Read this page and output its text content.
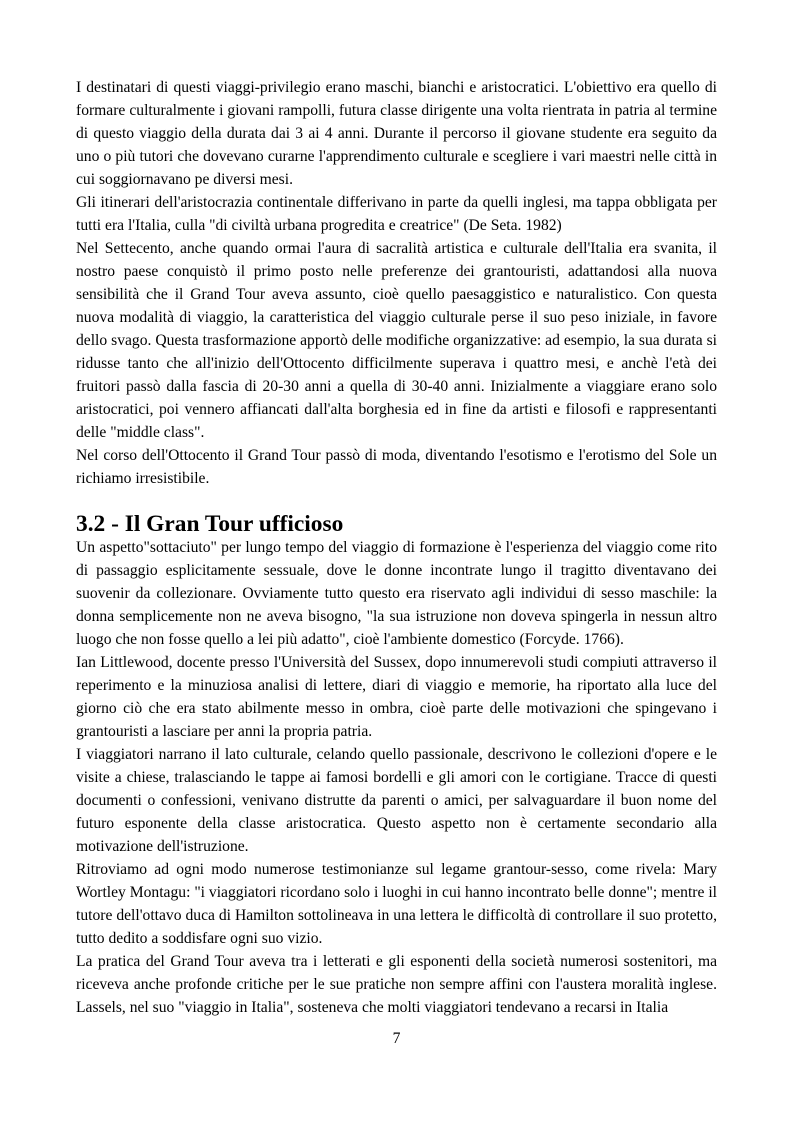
I destinatari di questi viaggi-privilegio erano maschi, bianchi e aristocratici. L'obiettivo era quello di formare culturalmente i giovani rampolli, futura classe dirigente una volta rientrata in patria al termine di questo viaggio della durata dai 3 ai 4 anni. Durante il percorso il giovane studente era seguito da uno o più tutori che dovevano curarne l'apprendimento culturale e scegliere i vari maestri nelle città in cui soggiornavano pe diversi mesi.

Gli itinerari dell'aristocrazia continentale differivano in parte da quelli inglesi, ma tappa obbligata per tutti era l'Italia, culla "di civiltà urbana progredita e creatrice" (De Seta. 1982)

Nel Settecento, anche quando ormai l'aura di sacralità artistica e culturale dell'Italia era svanita, il nostro paese conquistò il primo posto nelle preferenze dei grantouristi, adattandosi alla nuova sensibilità che il Grand Tour aveva assunto, cioè quello paesaggistico e naturalistico. Con questa nuova modalità di viaggio, la caratteristica del viaggio culturale perse il suo peso iniziale, in favore dello svago. Questa trasformazione apportò delle modifiche organizzative: ad esempio, la sua durata si ridusse tanto che all'inizio dell'Ottocento difficilmente superava i quattro mesi, e anchè l'età dei fruitori passò dalla fascia di 20-30 anni a quella di 30-40 anni. Inizialmente a viaggiare erano solo aristocratici, poi vennero affiancati dall'alta borghesia ed in fine da artisti e filosofi e rappresentanti delle "middle class".

Nel corso dell'Ottocento il Grand Tour passò di moda, diventando l'esotismo e l'erotismo del Sole un richiamo irresistibile.

3.2 - Il Gran Tour ufficioso

Un aspetto"sottaciuto" per lungo tempo del viaggio di formazione è l'esperienza del viaggio come rito di passaggio esplicitamente sessuale, dove le donne incontrate lungo il tragitto diventavano dei suovenir da collezionare. Ovviamente tutto questo era riservato agli individui di sesso maschile: la donna semplicemente non ne aveva bisogno, "la sua istruzione non doveva spingerla in nessun altro luogo che non fosse quello a lei più adatto", cioè l'ambiente domestico (Forcyde. 1766).

Ian Littlewood, docente presso l'Università del Sussex, dopo innumerevoli studi compiuti attraverso il reperimento e la minuziosa analisi di lettere, diari di viaggio e memorie, ha riportato alla luce del giorno ciò che era stato abilmente messo in ombra, cioè parte delle motivazioni che spingevano i grantouristi a lasciare per anni la propria patria.

I viaggiatori narrano il lato culturale, celando quello passionale, descrivono le collezioni d'opere e le visite a chiese, tralasciando le tappe ai famosi bordelli e gli amori con le cortigiane. Tracce di questi documenti o confessioni, venivano distrutte da parenti o amici, per salvaguardare il buon nome del futuro esponente della classe aristocratica. Questo aspetto non è certamente secondario alla motivazione dell'istruzione.

Ritroviamo ad ogni modo numerose testimonianze sul legame grantour-sesso, come rivela: Mary Wortley Montagu: "i viaggiatori ricordano solo i luoghi in cui hanno incontrato belle donne"; mentre il tutore dell'ottavo duca di Hamilton sottolineava in una lettera le difficoltà di controllare il suo protetto, tutto dedito a soddisfare ogni suo vizio.

La pratica del Grand Tour aveva tra i letterati e gli esponenti della società numerosi sostenitori, ma riceveva anche profonde critiche per le sue pratiche non sempre affini con l'austera moralità inglese. Lassels, nel suo "viaggio in Italia", sosteneva che molti viaggiatori tendevano a recarsi in Italia

7
